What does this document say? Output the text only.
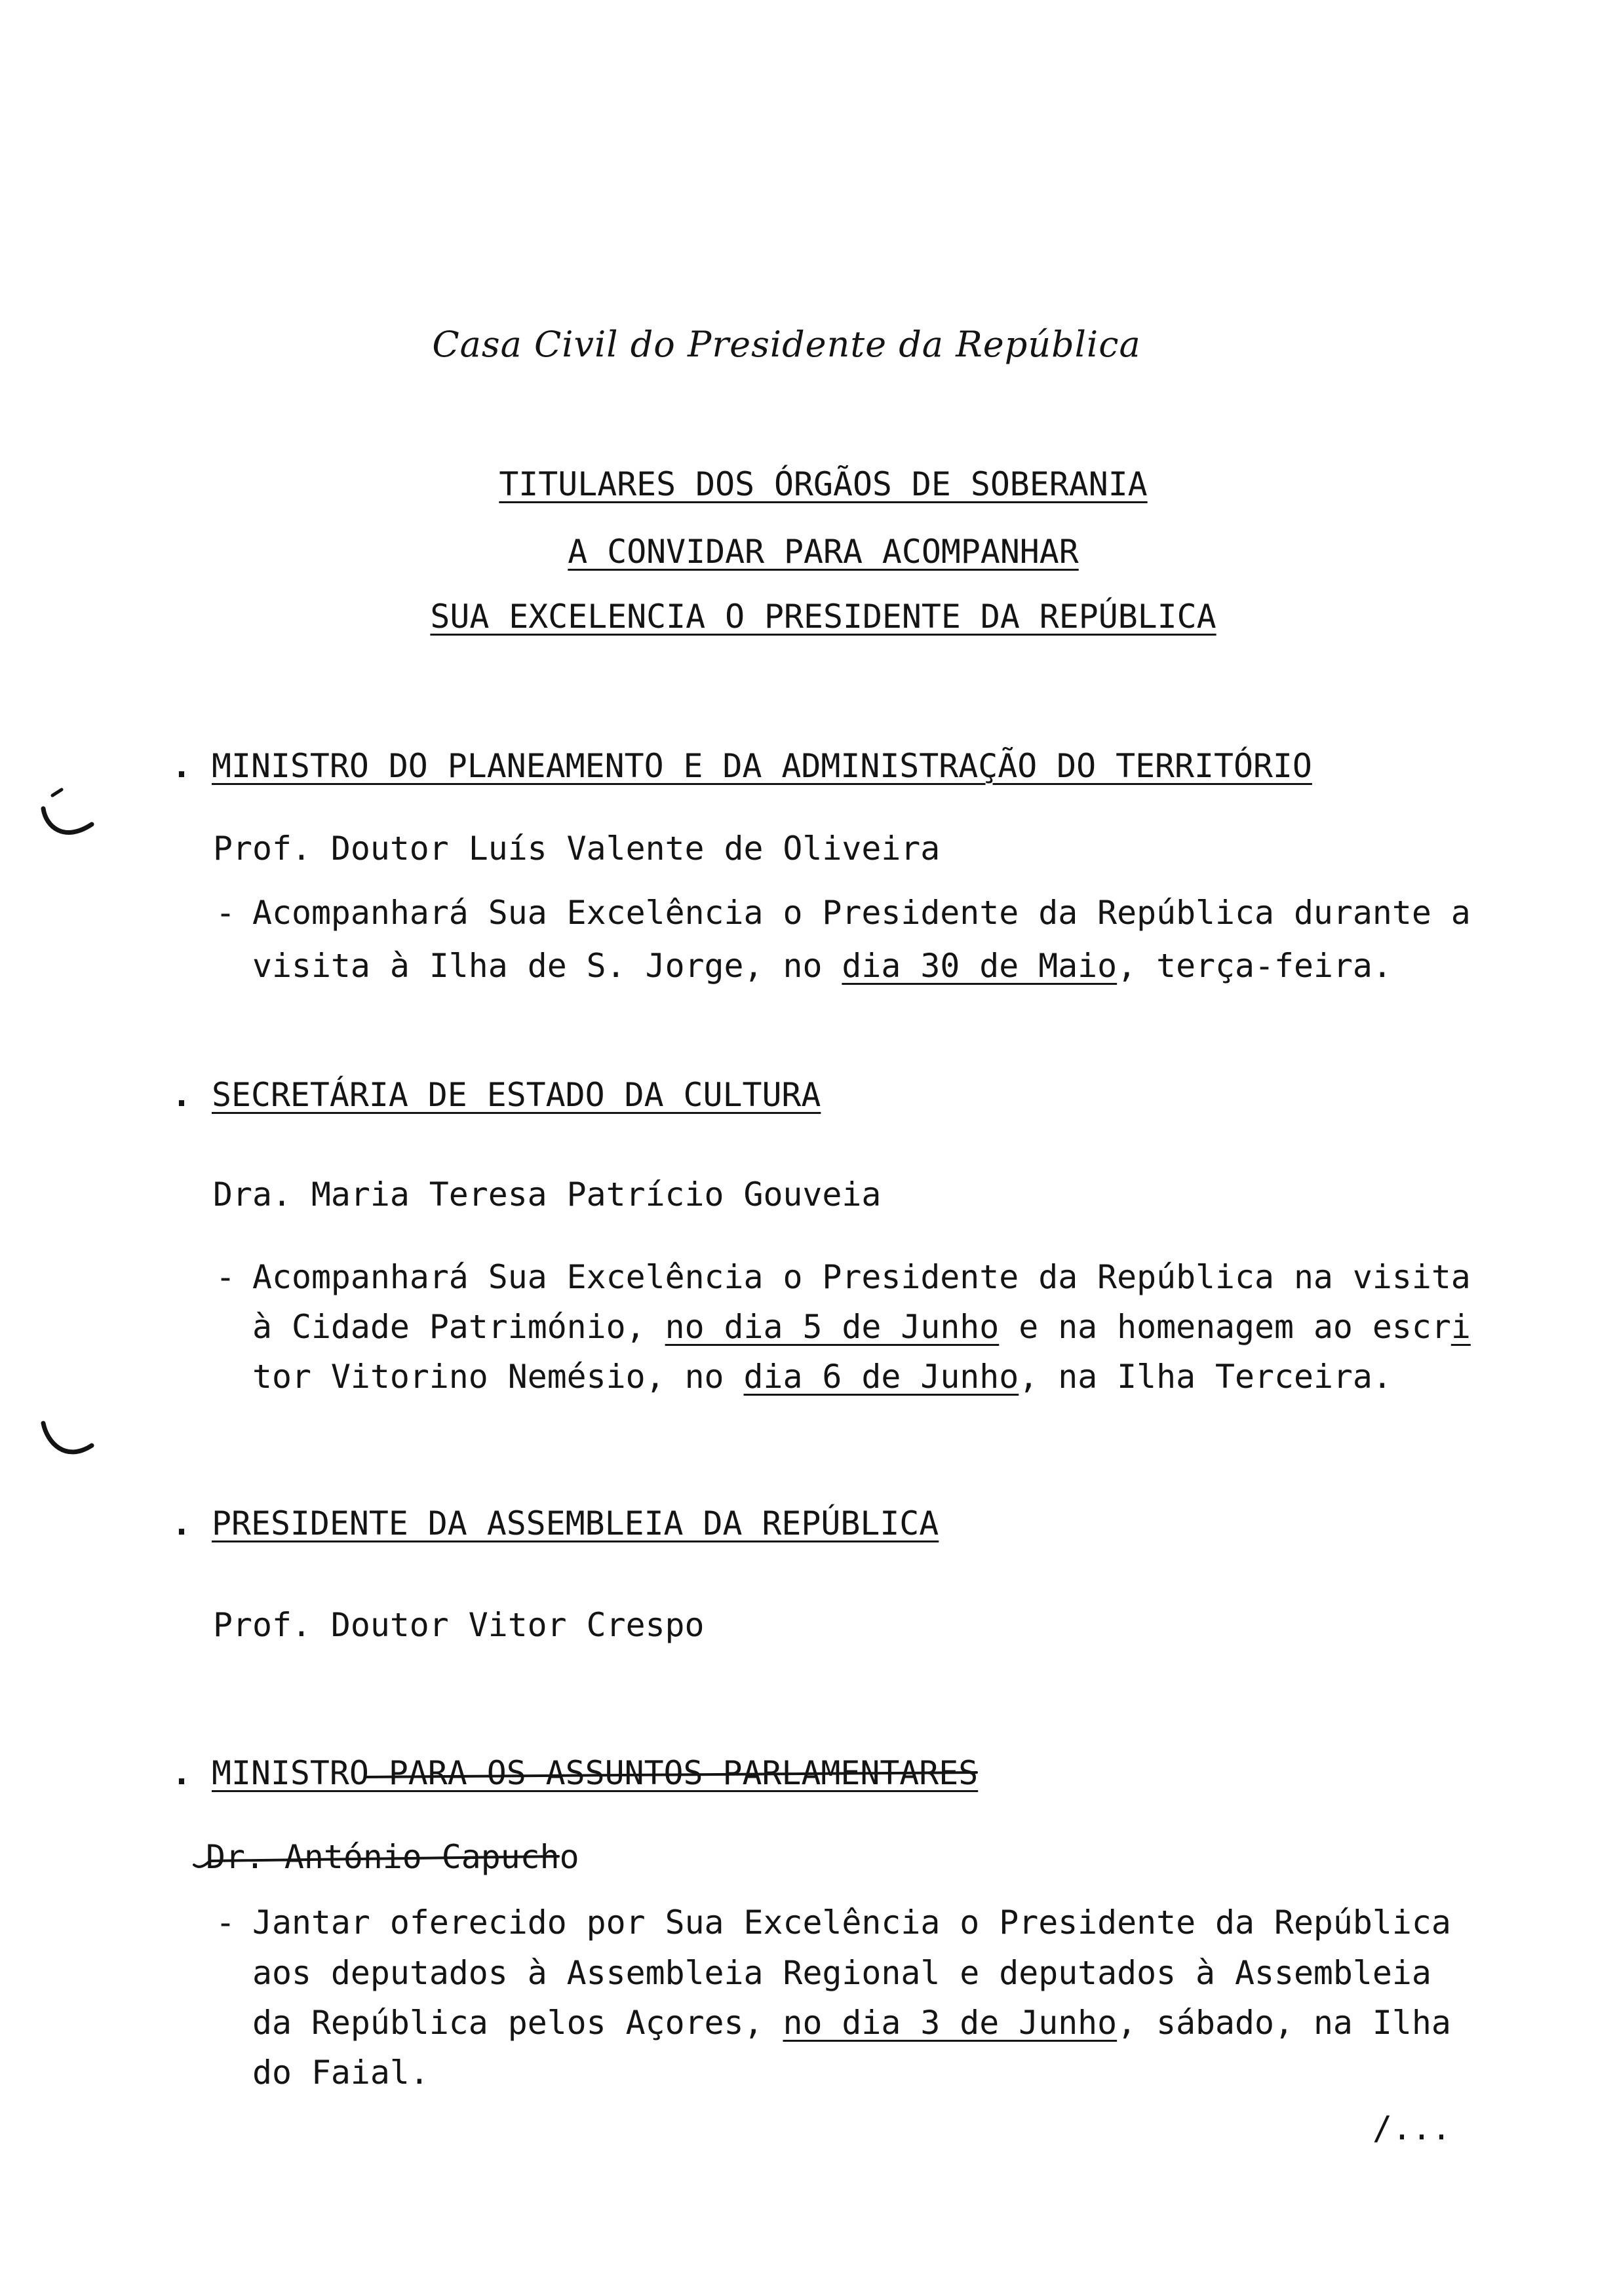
Casa Civil do Presidente da República
TITULARES DOS ÓRGÃOS DE SOBERANIA
A CONVIDAR PARA ACOMPANHAR
SUA EXCELENCIA O PRESIDENTE DA REPÚBLICA
. MINISTRO DO PLANEAMENTO E DA ADMINISTRAÇÃO DO TERRITÓRIO
Prof. Doutor Luís Valente de Oliveira
- Acompanhará Sua Excelência o Presidente da República durante a
visita à Ilha de S. Jorge, no dia 30 de Maio, terça-feira.
. SECRETÁRIA DE ESTADO DA CULTURA
Dra. Maria Teresa Patrício Gouveia
- Acompanhará Sua Excelência o Presidente da República na visita
à Cidade Património, no dia 5 de Junho e na homenagem ao escri
tor Vitorino Nemésio, no dia 6 de Junho, na Ilha Terceira.
. PRESIDENTE DA ASSEMBLEIA DA REPÚBLICA
Prof. Doutor Vitor Crespo
. MINISTRO PARA OS ASSUNTOS PARLAMENTARES
Dr. António Capucho
- Jantar oferecido por Sua Excelência o Presidente da República
aos deputados à Assembleia Regional e deputados à Assembleia
da República pelos Açores, no dia 3 de Junho, sábado, na Ilha
do Faial.
/...
